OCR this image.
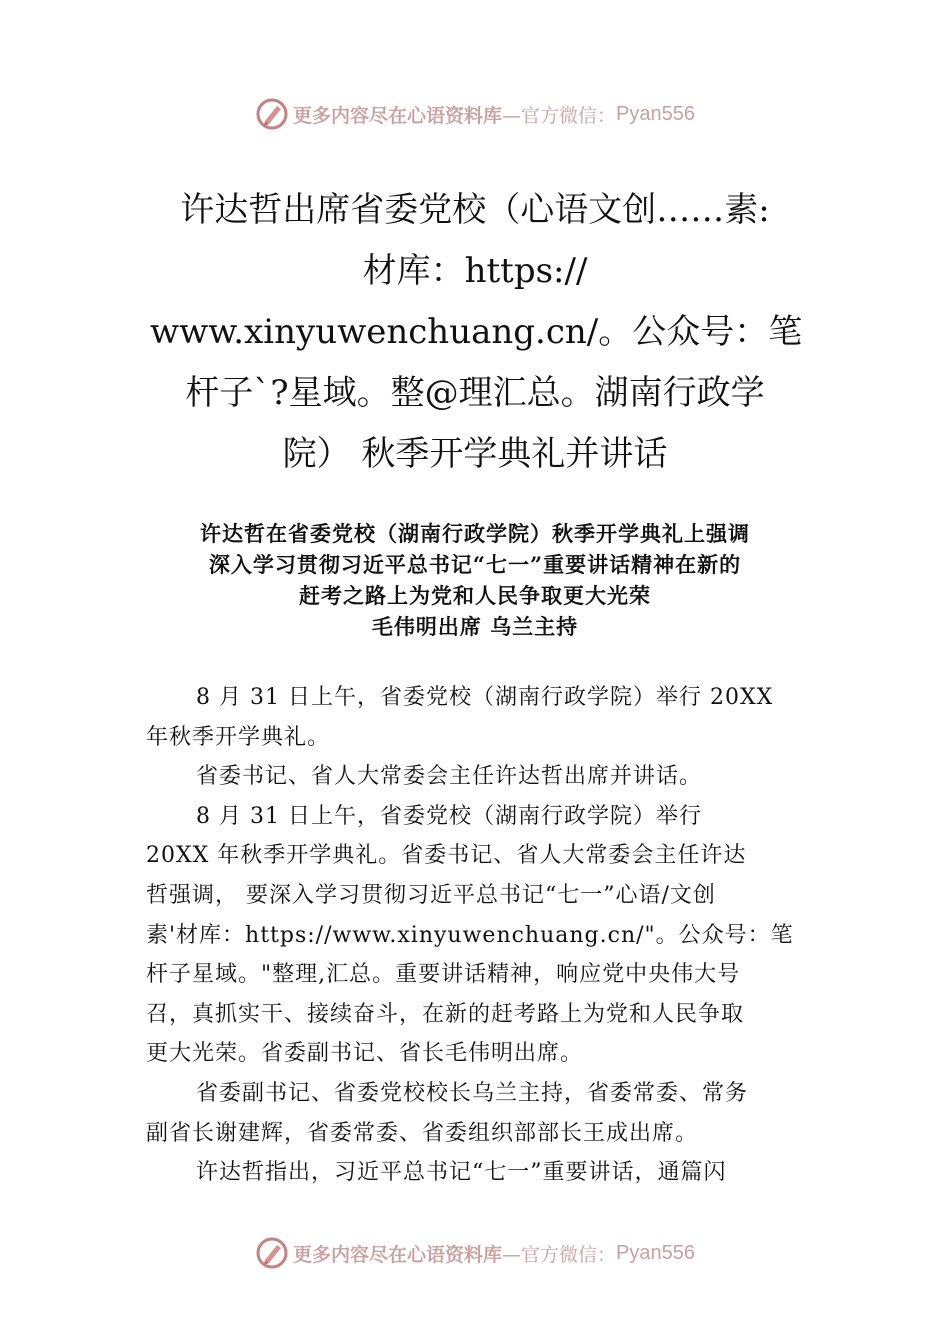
更多内容尽在心语资料库 —官方微信： Pyan556
许达哲出席省委党校（心语文创……素:
材库：https://
www.xinyuwenchuang.cn/。公众号：笔
杆子`?星域。整@理汇总。湖南行政学
院） 秋季开学典礼并讲话
许达哲在省委党校（湖南行政学院）秋季开学典礼上强调
深入学习贯彻习近平总书记“七一”重要讲话精神在新的
赶考之路上为党和人民争取更大光荣
毛伟明出席 乌兰主持
8 月 31 日上午，省委党校（湖南行政学院）举行 20XX
年秋季开学典礼。
省委书记、省人大常委会主任许达哲出席并讲话。
8 月 31 日上午，省委党校（湖南行政学院）举行
20XX 年秋季开学典礼。省委书记、省人大常委会主任许达
哲强调， 要深入学习贯彻习近平总书记“七一”心语/文创
素'材库：https://www.xinyuwenchuang.cn/"。公众号：笔
杆子星域。"整理,汇总。重要讲话精神，响应党中央伟大号
召，真抓实干、接续奋斗，在新的赶考路上为党和人民争取
更大光荣。省委副书记、省长毛伟明出席。
省委副书记、省委党校校长乌兰主持，省委常委、常务
副省长谢建辉，省委常委、省委组织部部长王成出席。
许达哲指出，习近平总书记“七一”重要讲话，通篇闪
更多内容尽在心语资料库 —官方微信： Pyan556
